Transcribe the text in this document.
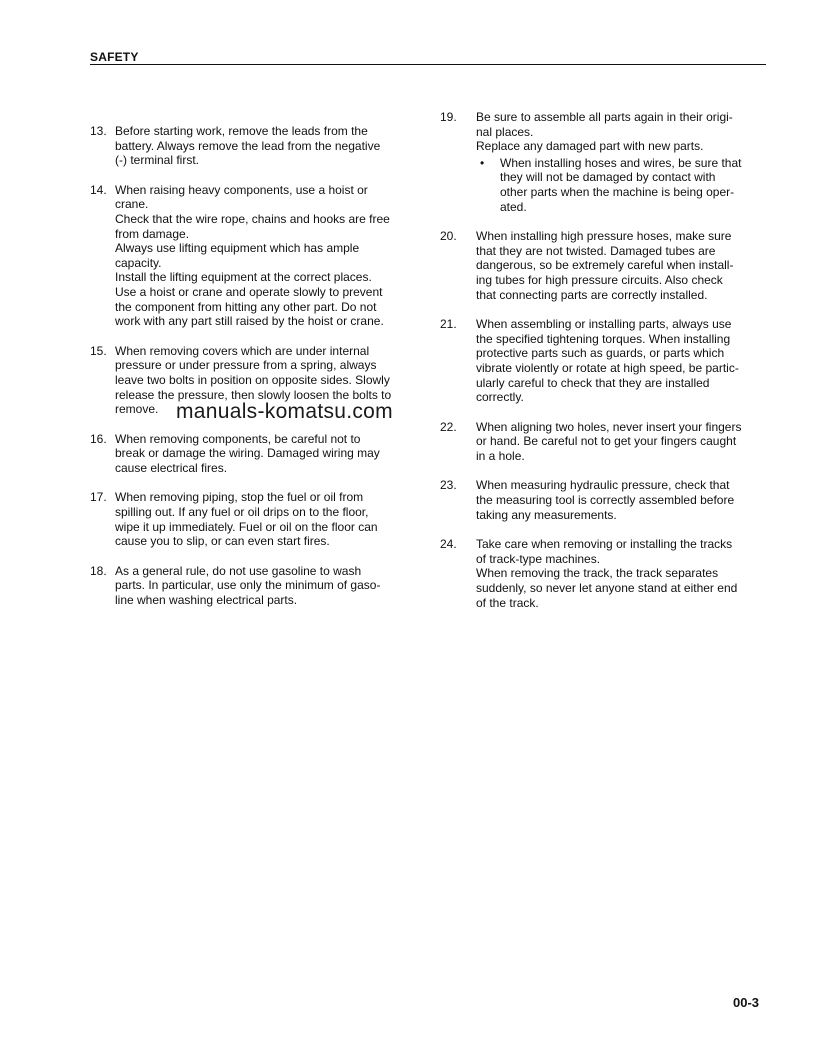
SAFETY
13. Before starting work, remove the leads from the
battery. Always remove the lead from the negative
(-) terminal first.
14. When raising heavy components, use a hoist or
crane.
Check that the wire rope, chains and hooks are free
from damage.
Always use lifting equipment which has ample
capacity.
Install the lifting equipment at the correct places.
Use a hoist or crane and operate slowly to prevent
the component from hitting any other part. Do not
work with any part still raised by the hoist or crane.
15. When removing covers which are under internal
pressure or under pressure from a spring, always
leave two bolts in position on opposite sides. Slowly
release the pressure, then slowly loosen the bolts to
remove.
16. When removing components, be careful not to
break or damage the wiring. Damaged wiring may
cause electrical fires.
17. When removing piping, stop the fuel or oil from
spilling out. If any fuel or oil drips on to the floor,
wipe it up immediately. Fuel or oil on the floor can
cause you to slip, or can even start fires.
18. As a general rule, do not use gasoline to wash
parts. In particular, use only the minimum of gaso-
line when washing electrical parts.
19.	Be sure to assemble all parts again in their origi-
nal places.
Replace any damaged part with new parts.
• When installing hoses and wires, be sure that
they will not be damaged by contact with
other parts when the machine is being oper-
ated.
20.	When installing high pressure hoses, make sure
that they are not twisted. Damaged tubes are
dangerous, so be extremely careful when install-
ing tubes for high pressure circuits. Also check
that connecting parts are correctly installed.
21.	When assembling or installing parts, always use
the specified tightening torques. When installing
protective parts such as guards, or parts which
vibrate violently or rotate at high speed, be partic-
ularly careful to check that they are installed
correctly.
22.	When aligning two holes, never insert your fingers
or hand. Be careful not to get your fingers caught
in a hole.
23.	When measuring hydraulic pressure, check that
the measuring tool is correctly assembled before
taking any measurements.
24.	Take care when removing or installing the tracks
of track-type machines.
When removing the track, the track separates
suddenly, so never let anyone stand at either end
of the track.
manuals-komatsu.com
00-3
